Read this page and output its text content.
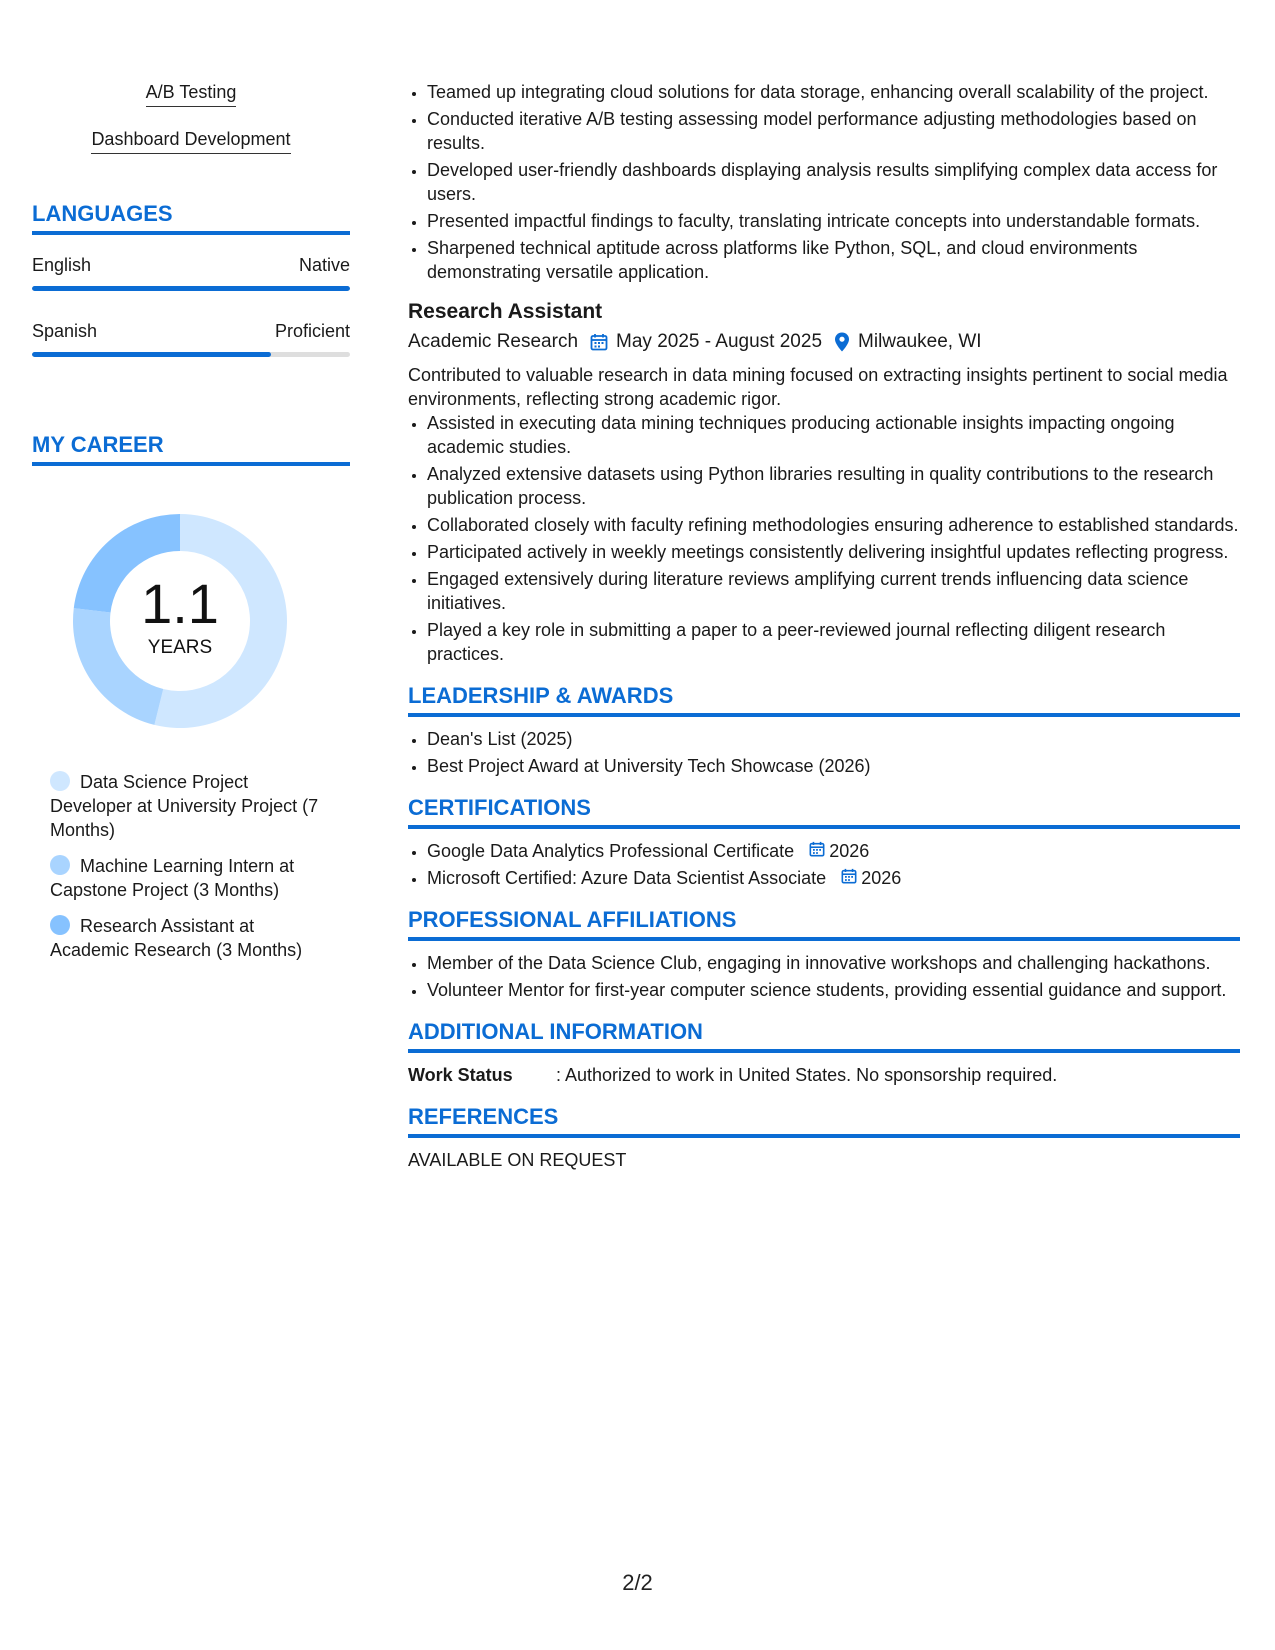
A/B Testing
Dashboard Development
LANGUAGES
English	Native
Spanish	Proficient
MY CAREER
1.1
YEARS
Data Science Project Developer at University Project (7 Months)
Machine Learning Intern at Capstone Project (3 Months)
Research Assistant at Academic Research (3 Months)
• Teamed up integrating cloud solutions for data storage, enhancing overall scalability of the project.
• Conducted iterative A/B testing assessing model performance adjusting methodologies based on results.
• Developed user-friendly dashboards displaying analysis results simplifying complex data access for users.
• Presented impactful findings to faculty, translating intricate concepts into understandable formats.
• Sharpened technical aptitude across platforms like Python, SQL, and cloud environments demonstrating versatile application.
Research Assistant
Academic Research May 2025 - August 2025 Milwaukee, WI
Contributed to valuable research in data mining focused on extracting insights pertinent to social media environments, reflecting strong academic rigor.
• Assisted in executing data mining techniques producing actionable insights impacting ongoing academic studies.
• Analyzed extensive datasets using Python libraries resulting in quality contributions to the research publication process.
• Collaborated closely with faculty refining methodologies ensuring adherence to established standards.
• Participated actively in weekly meetings consistently delivering insightful updates reflecting progress.
• Engaged extensively during literature reviews amplifying current trends influencing data science initiatives.
• Played a key role in submitting a paper to a peer-reviewed journal reflecting diligent research practices.
LEADERSHIP & AWARDS
• Dean's List (2025)
• Best Project Award at University Tech Showcase (2026)
CERTIFICATIONS
• Google Data Analytics Professional Certificate 2026
• Microsoft Certified: Azure Data Scientist Associate 2026
PROFESSIONAL AFFILIATIONS
• Member of the Data Science Club, engaging in innovative workshops and challenging hackathons.
• Volunteer Mentor for first-year computer science students, providing essential guidance and support.
ADDITIONAL INFORMATION
Work Status	: Authorized to work in United States. No sponsorship required.
REFERENCES
AVAILABLE ON REQUEST
2/2
